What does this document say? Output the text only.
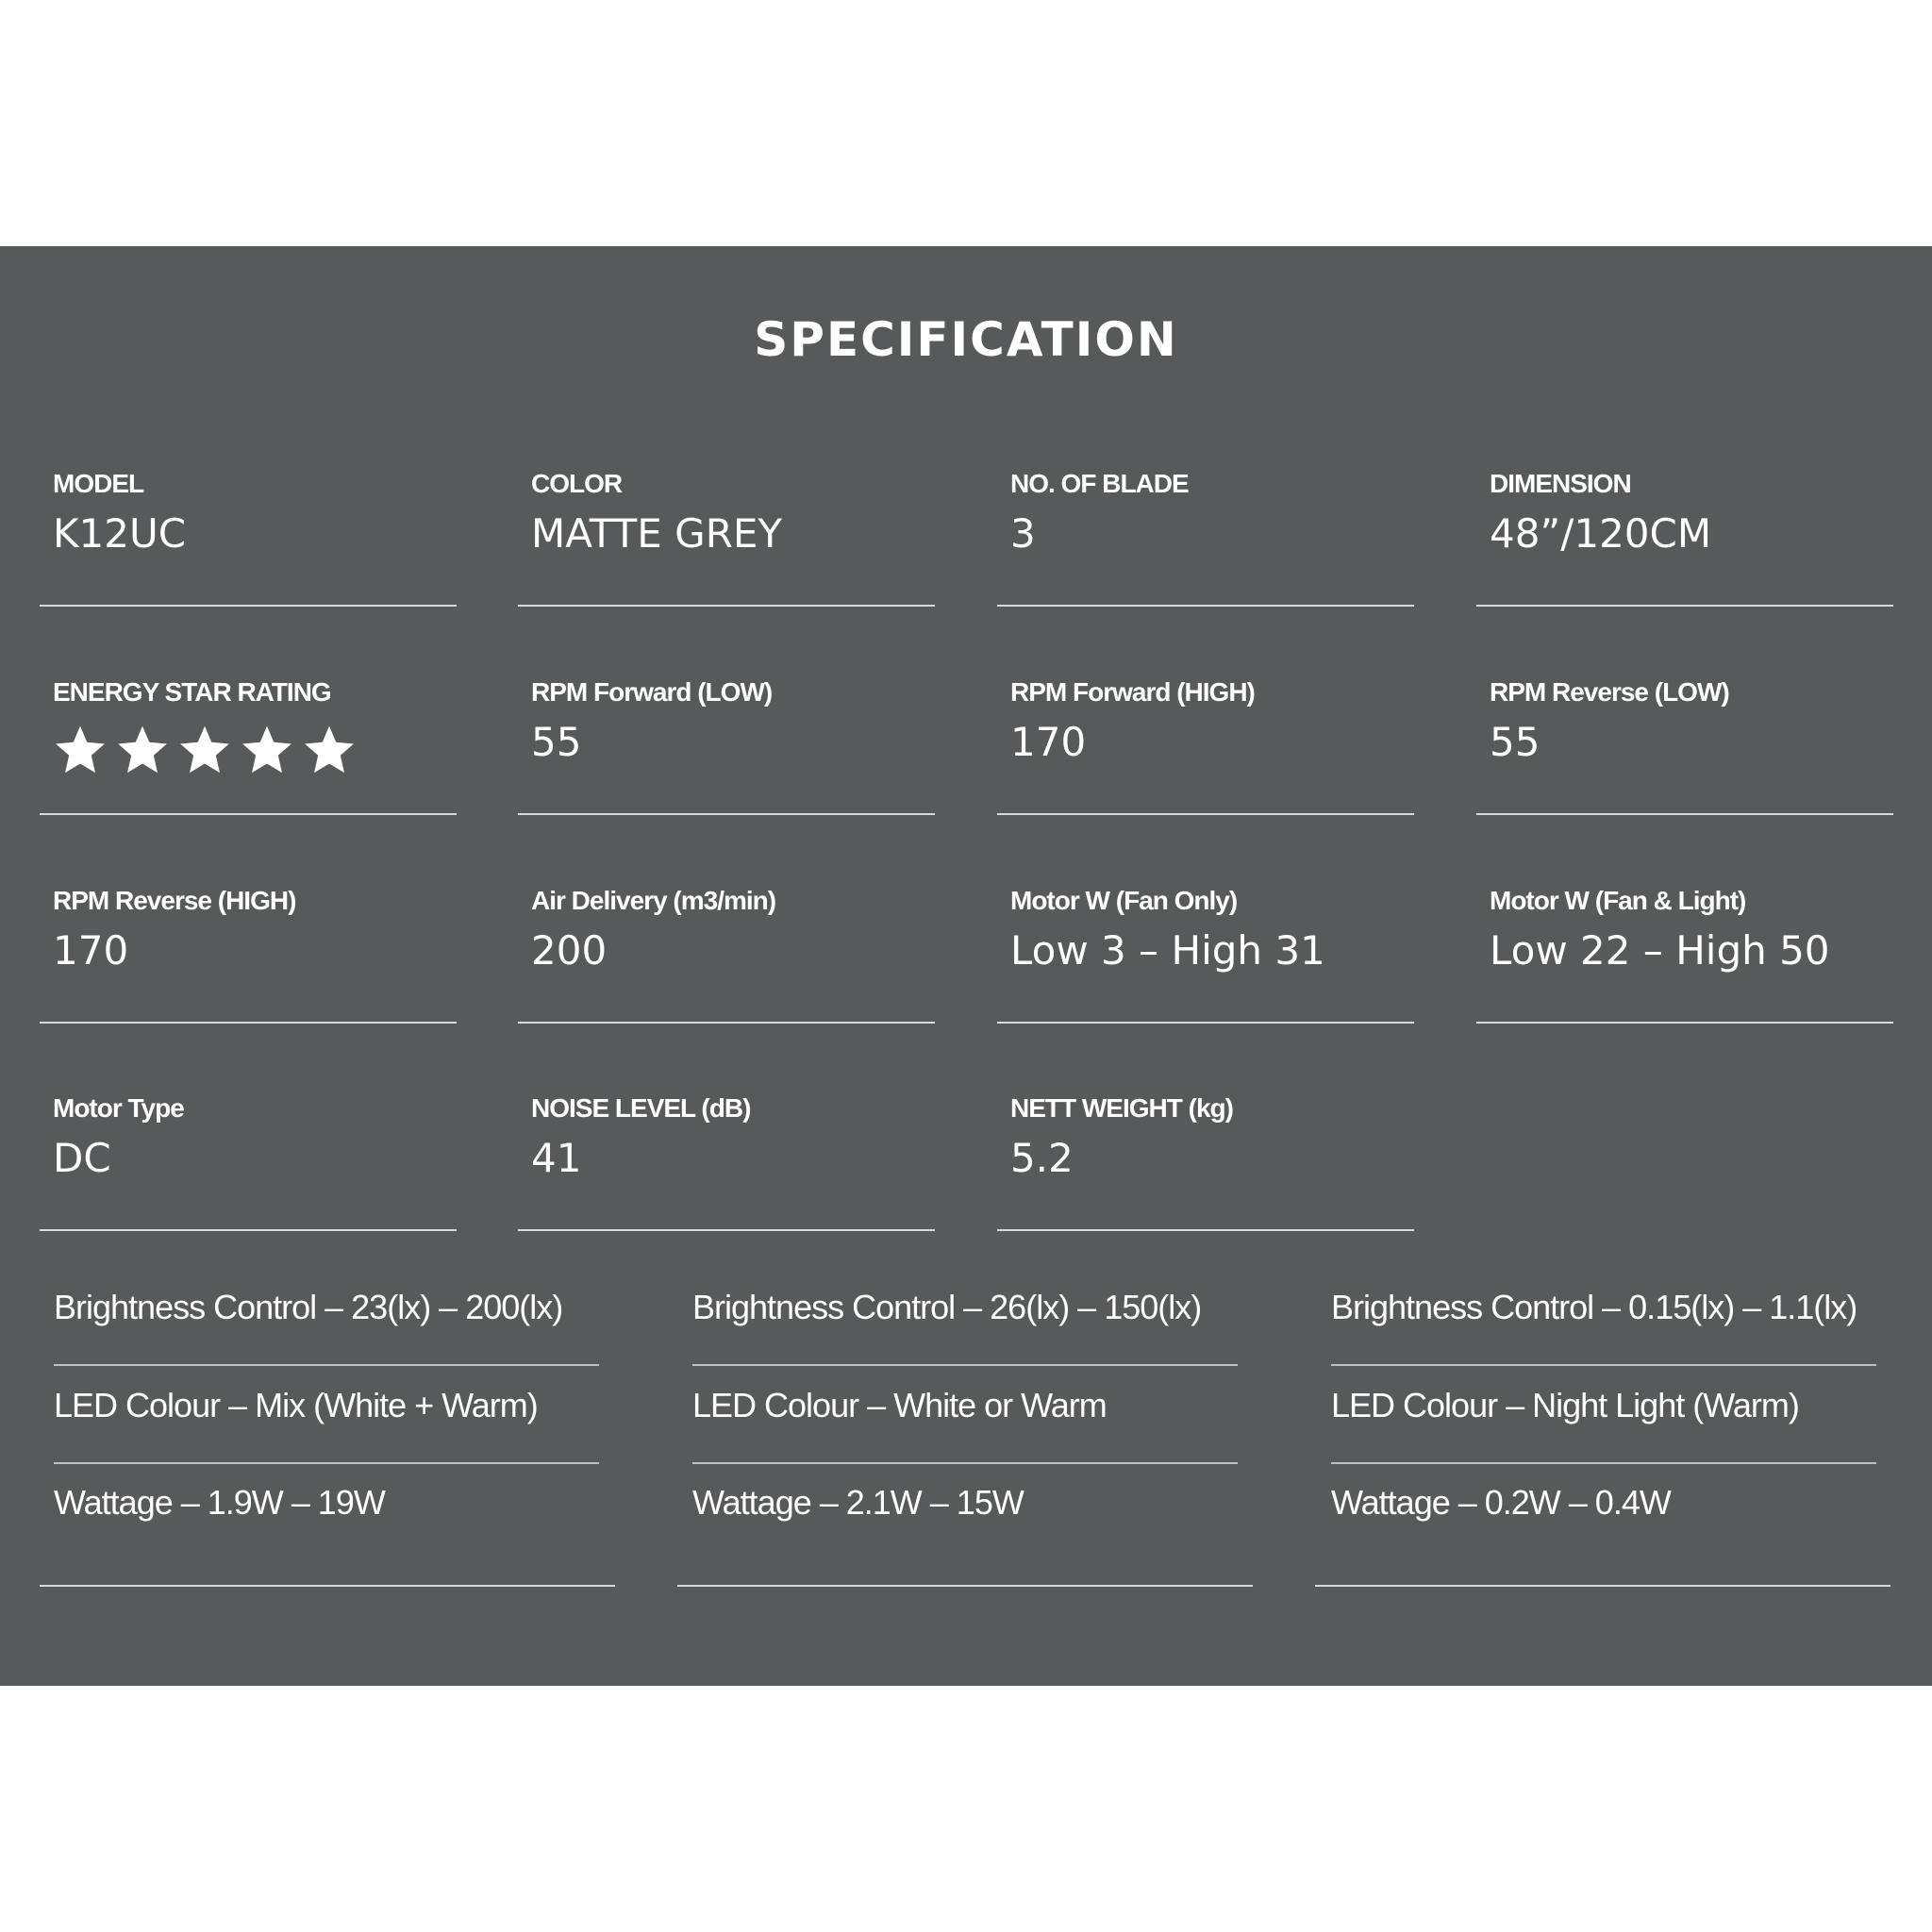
SPECIFICATION
MODEL
K12UC
COLOR
MATTE GREY
NO. OF BLADE
3
DIMENSION
48”/120CM
ENERGY STAR RATING	RPM Forward (LOW)
55
RPM Forward (HIGH)
170
RPM Reverse (LOW)
55
RPM Reverse (HIGH)
170
Air Delivery (m3/min)
200
Motor W (Fan Only)
Low 3 – High 31
Motor W (Fan & Light)
Low 22 – High 50
Motor Type
DC
NOISE LEVEL (dB)
41
NETT WEIGHT (kg)
5.2
Brightness Control – 23(lx) – 200(lx)
LED Colour – Mix (White + Warm)
Wattage – 1.9W – 19W
Brightness Control – 26(lx) – 150(lx)
LED Colour – White or Warm
Wattage – 2.1W – 15W
Brightness Control – 0.15(lx) – 1.1(lx)
LED Colour – Night Light (Warm)
Wattage – 0.2W – 0.4W
